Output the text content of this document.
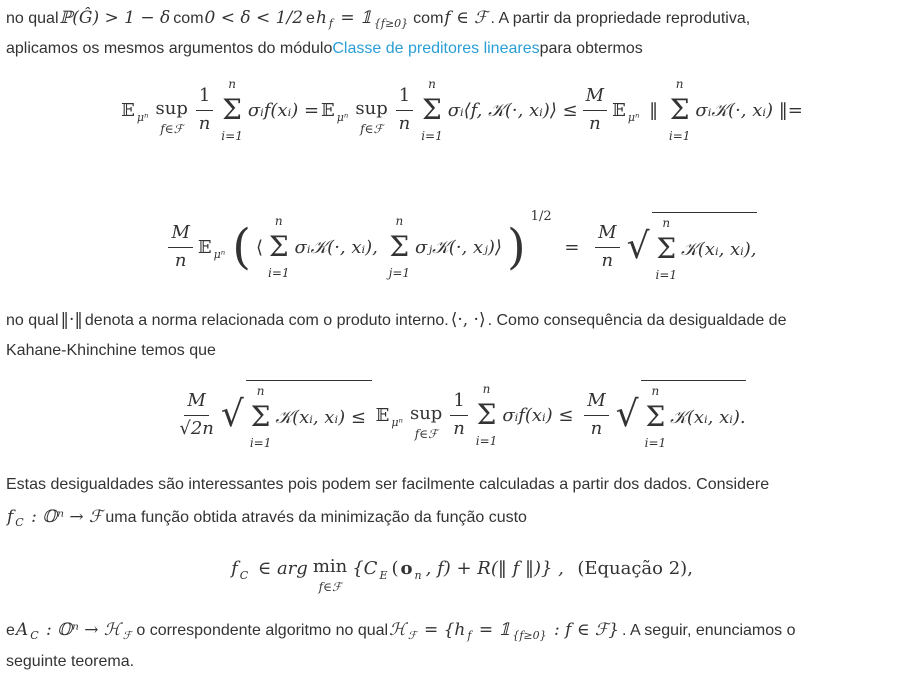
no qualℙ(Ĝ) > 1 − δcom0 < δ < 1/2eh $_f$ = 𝟙 $_{\{f\ge 0\}}$comf ∈ ℱ . A partir da propriedade reprodutiva,
aplicamos os mesmos argumentos do móduloClasse de preditores linearespara obtermos
𝔼$_{\mu^n}$ sup
f∈ℱ $\frac{1}{n}$
n
Σ
i=1
σᵢf(xᵢ) = 𝔼$_{\mu^n}$ sup
f∈ℱ $\frac{1}{n}$
n
Σ
i=1
σᵢ⟨f, 𝒦(·, xᵢ)⟩ ≤ $\frac{M}{n}$ 𝔼$_{\mu^n}$ ‖
n
Σ
i=1
σᵢ𝒦(·, xᵢ) ‖=
$\frac{M}{n}$ 𝔼$_{\mu^n}$ ( ⟨
n
Σ
i=1
σᵢ𝒦(·, xᵢ),
n
Σ
j=1
σⱼ𝒦(·, xⱼ)⟩ )
$^{1/2}$
= $\frac{M}{n}$ √
n
Σ
i=1
𝒦(xᵢ, xᵢ),
no qual‖·‖denota a norma relacionada com o produto interno.⟨·, ·⟩ . Como consequência da desigualdade de
Kahane-Khinchine temos que
$\frac{M}{√2n}$ √
n
Σ
i=1
𝒦(xᵢ, xᵢ) ≤ 𝔼$_{\mu^n}$ sup
f∈ℱ $\frac{1}{n}$
n
Σ
i=1
σᵢf(xᵢ) ≤ $\frac{M}{n}$ √
n
Σ
i=1
𝒦(xᵢ, xᵢ).
Estas desigualdades são interessantes pois podem ser facilmente calculadas a partir dos dados. Considere
f $_C$ : 𝕆ⁿ → ℱuma função obtida através da minimização da função custo
$f_C$ ∈ arg min
f∈ℱ
{$C_E$ ( $o_n$ , f) + R(‖ f ‖)} , (Equação 2),
eA $_C$ : 𝕆ⁿ → ℋ $_ℱ$o correspondente algoritmo no qualℋ $_ℱ$ = {h $_f$ = 𝟙 $_{\{f\ge 0\}}$ : f ∈ ℱ}. A seguir, enunciamos o
seguinte teorema.
